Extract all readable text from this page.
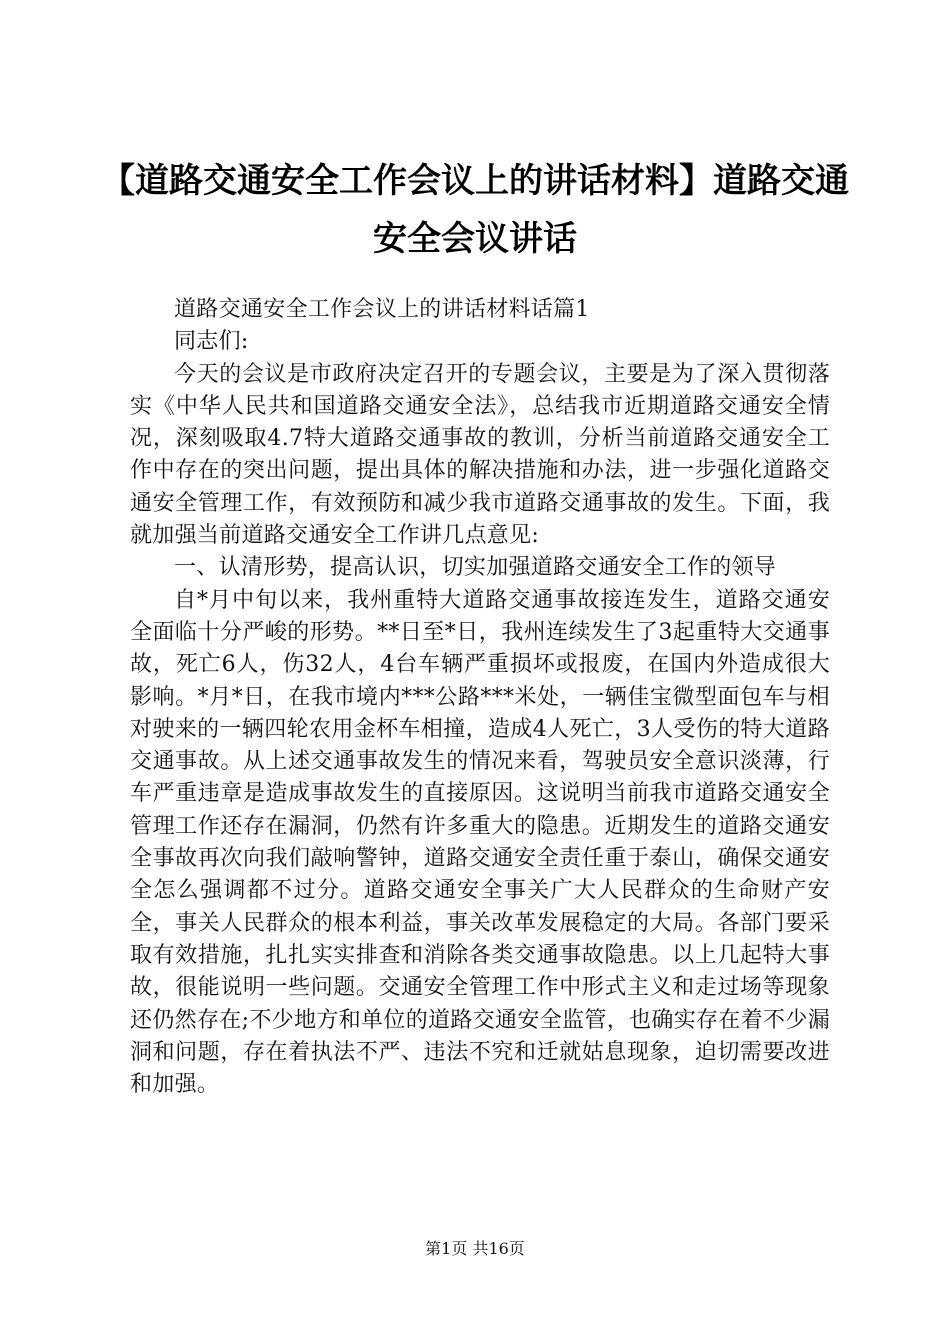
【道路交通安全工作会议上的讲话材料】道路交通安全会议讲话

道路交通安全工作会议上的讲话材料话篇1

同志们:

今天的会议是市政府决定召开的专题会议，主要是为了深入贯彻落实《中华人民共和国道路交通安全法》，总结我市近期道路交通安全情况，深刻吸取4.7特大道路交通事故的教训，分析当前道路交通安全工作中存在的突出问题，提出具体的解决措施和办法，进一步强化道路交通安全管理工作，有效预防和减少我市道路交通事故的发生。下面，我就加强当前道路交通安全工作讲几点意见:

一、认清形势，提高认识，切实加强道路交通安全工作的领导

自*月中旬以来，我州重特大道路交通事故接连发生，道路交通安全面临十分严峻的形势。**日至*日，我州连续发生了3起重特大交通事故，死亡6人，伤32人，4台车辆严重损坏或报废，在国内外造成很大影响。*月*日，在我市境内***公路***米处，一辆佳宝微型面包车与相对驶来的一辆四轮农用金杯车相撞，造成4人死亡，3人受伤的特大道路交通事故。从上述交通事故发生的情况来看，驾驶员安全意识淡薄，行车严重违章是造成事故发生的直接原因。这说明当前我市道路交通安全管理工作还存在漏洞，仍然有许多重大的隐患。近期发生的道路交通安全事故再次向我们敲响警钟，道路交通安全责任重于泰山，确保交通安全怎么强调都不过分。道路交通安全事关广大人民群众的生命财产安全，事关人民群众的根本利益，事关改革发展稳定的大局。各部门要采取有效措施，扎扎实实排查和消除各类交通事故隐患。以上几起特大事故，很能说明一些问题。交通安全管理工作中形式主义和走过场等现象还仍然存在;不少地方和单位的道路交通安全监管，也确实存在着不少漏洞和问题，存在着执法不严、违法不究和迁就姑息现象，迫切需要改进和加强。

第1页 共16页
